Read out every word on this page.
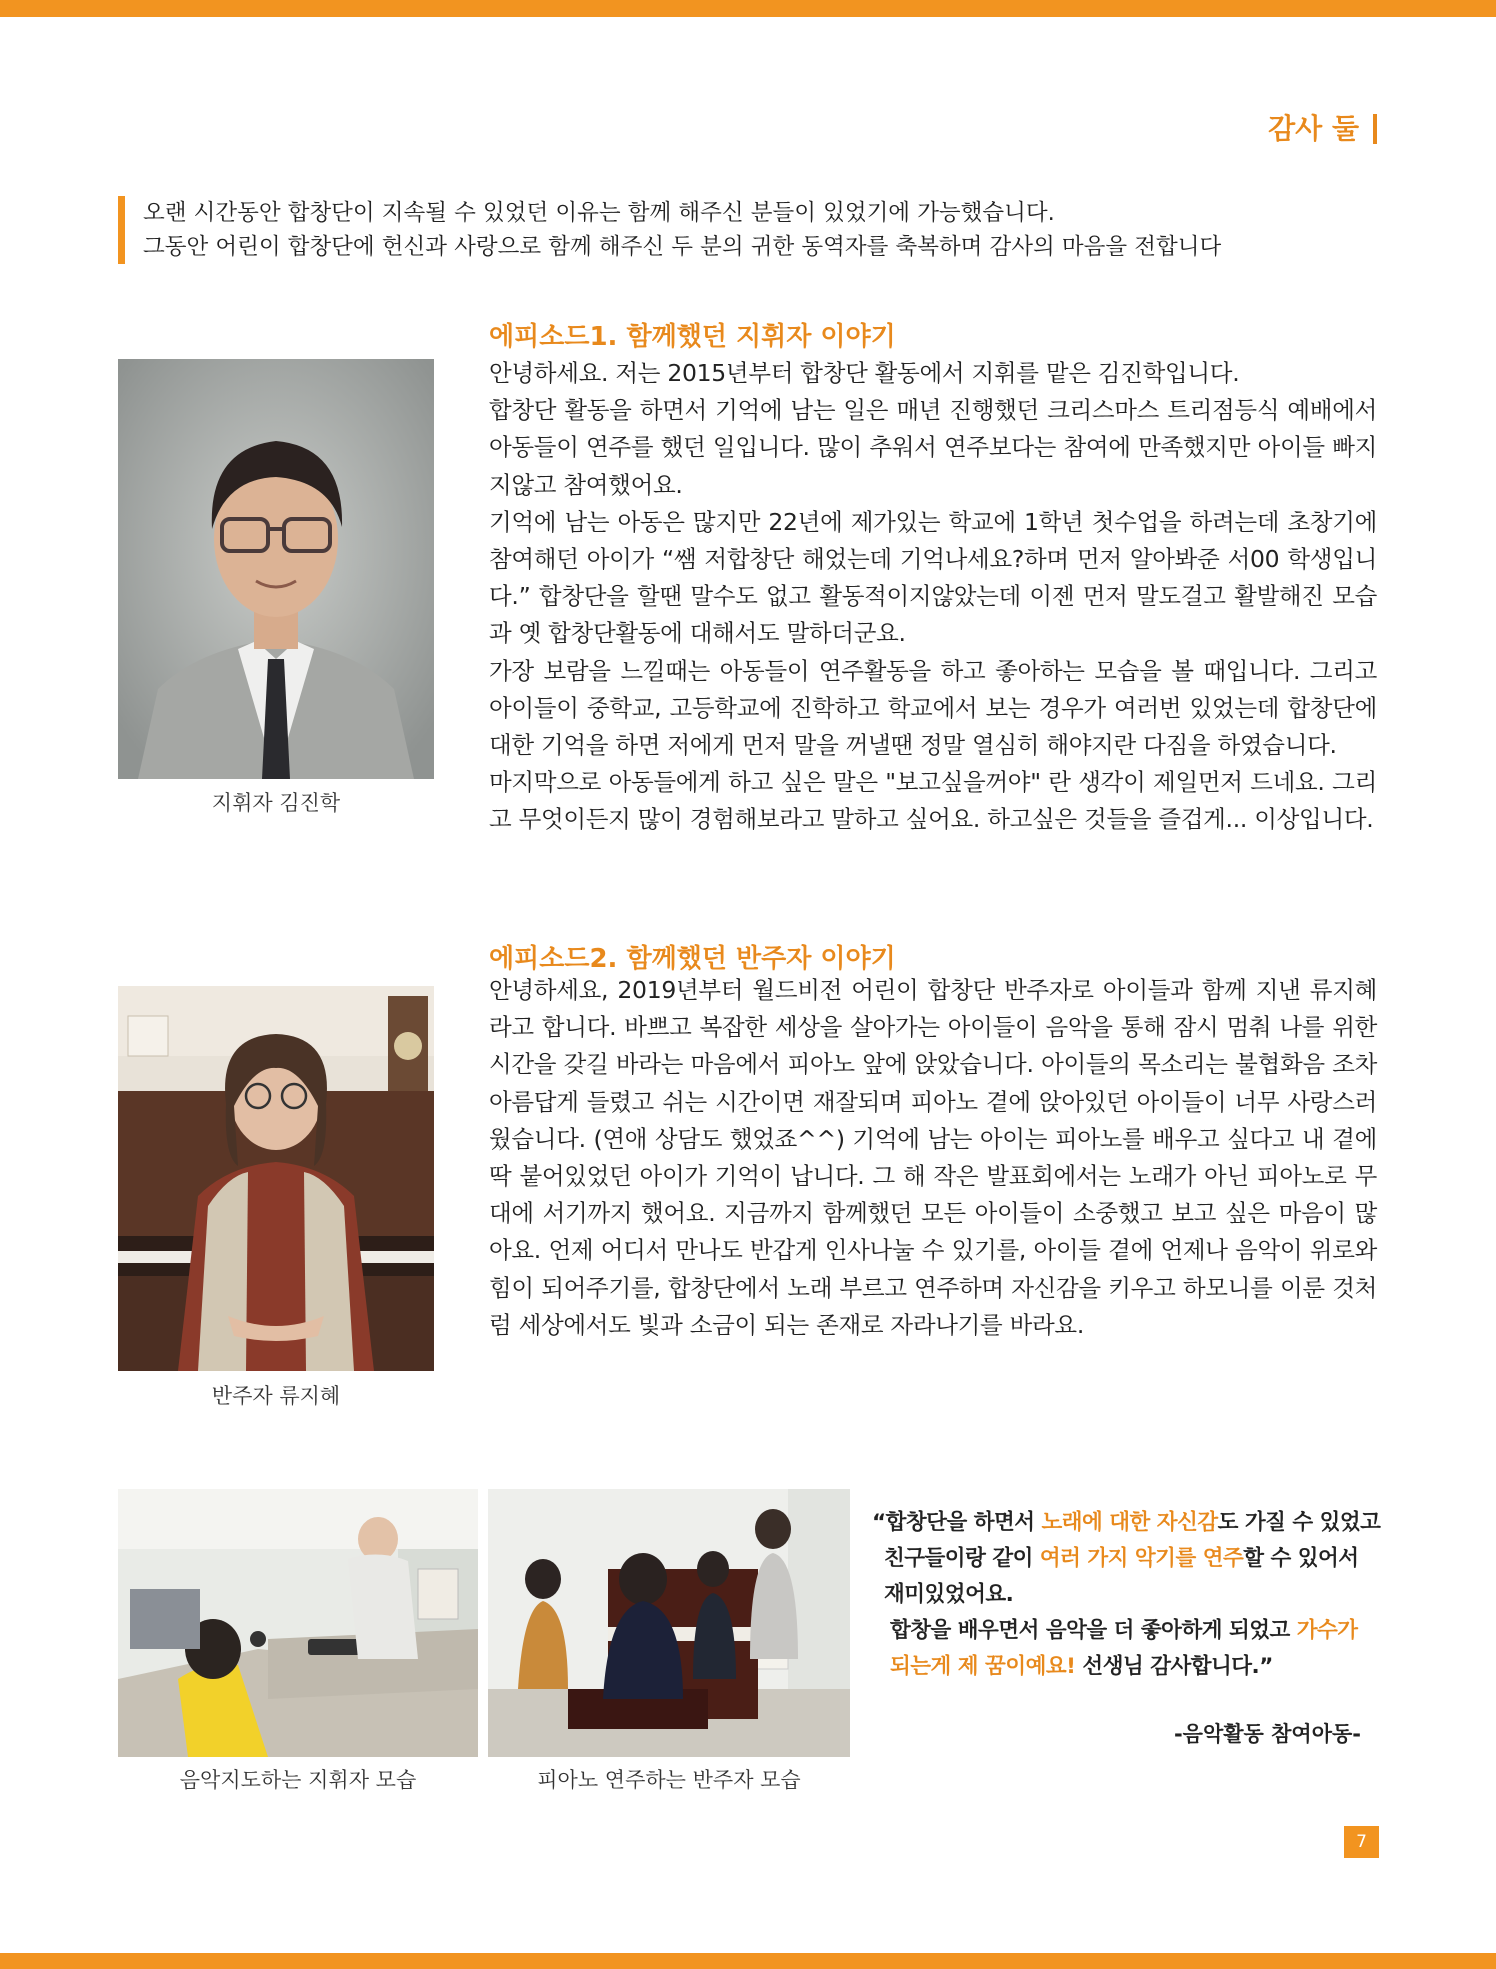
감사 둘

오랜 시간동안 합창단이 지속될 수 있었던 이유는 함께 해주신 분들이 있었기에 가능했습니다.

그동안 어린이 합창단에 헌신과 사랑으로 함께 해주신 두 분의 귀한 동역자를 축복하며 감사의 마음을 전합니다

지휘자 김진학
에피소드1. 함께했던 지휘자 이야기

안녕하세요. 저는 2015년부터 합창단 활동에서 지휘를 맡은 김진학입니다.

합창단 활동을 하면서 기억에 남는 일은 매년 진행했던 크리스마스 트리점등식 예배에서 아동들이 연주를 했던 일입니다. 많이 추워서 연주보다는 참여에 만족했지만 아이들 빠지지않고 참여했어요.

기억에 남는 아동은 많지만 22년에 제가있는 학교에 1학년 첫수업을 하려는데 초창기에 참여해던 아이가 “쌤 저합창단 해었는데 기억나세요?하며 먼저 알아봐준 서00 학생입니다.” 합창단을 할땐 말수도 없고 활동적이지않았는데 이젠 먼저 말도걸고 활발해진 모습과 옛 합창단활동에 대해서도 말하더군요.

가장 보람을 느낄때는 아동들이 연주활동을 하고 좋아하는 모습을 볼 때입니다. 그리고 아이들이 중학교, 고등학교에 진학하고 학교에서 보는 경우가 여러번 있었는데 합창단에 대한 기억을 하면 저에게 먼저 말을 꺼낼땐 정말 열심히 해야지란 다짐을 하였습니다.

마지막으로 아동들에게 하고 싶은 말은 "보고싶을꺼야" 란 생각이 제일먼저 드네요. 그리고 무엇이든지 많이 경험해보라고 말하고 싶어요. 하고싶은 것들을 즐겁게... 이상입니다.

반주자 류지혜
에피소드2. 함께했던 반주자 이야기

안녕하세요, 2019년부터 월드비전 어린이 합창단 반주자로 아이들과 함께 지낸 류지혜라고 합니다. 바쁘고 복잡한 세상을 살아가는 아이들이 음악을 통해 잠시 멈춰 나를 위한 시간을 갖길 바라는 마음에서 피아노 앞에 앉았습니다. 아이들의 목소리는 불협화음 조차 아름답게 들렸고 쉬는 시간이면 재잘되며 피아노 곁에 앉아있던 아이들이 너무 사랑스러웠습니다. (연애 상담도 했었죠^^) 기억에 남는 아이는 피아노를 배우고 싶다고 내 곁에 딱 붙어있었던 아이가 기억이 납니다. 그 해 작은 발표회에서는 노래가 아닌 피아노로 무대에 서기까지 했어요. 지금까지 함께했던 모든 아이들이 소중했고 보고 싶은 마음이 많아요. 언제 어디서 만나도 반갑게 인사나눌 수 있기를, 아이들 곁에 언제나 음악이 위로와 힘이 되어주기를, 합창단에서 노래 부르고 연주하며 자신감을 키우고 하모니를 이룬 것처럼 세상에서도 빛과 소금이 되는 존재로 자라나기를 바라요.

음악지도하는 지휘자 모습	피아노 연주하는 반주자 모습

“합창단을 하면서 노래에 대한 자신감도 가질 수 있었고

친구들이랑 같이 여러 가지 악기를 연주할 수 있어서

재미있었어요.

합창을 배우면서 음악을 더 좋아하게 되었고 가수가

되는게 제 꿈이예요! 선생님 감사합니다.”

-음악활동 참여아동-
7
